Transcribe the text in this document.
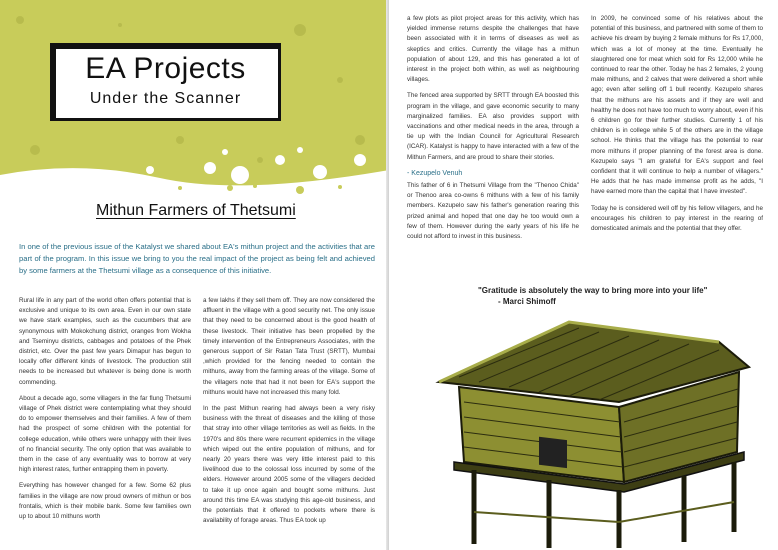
EA Projects
Under the Scanner
Mithun Farmers of Thetsumi
In one of the previous issue of the Katalyst we shared about EA's mithun project and the activities that are part of the program. In this issue we bring to you the real impact of the project as being felt and achieved by some farmers at the Thetsumi village as a consequence of this initiative.

Rural life in any part of the world often offers potential that is exclusive and unique to its own area. Even in our own state we have stark examples, such as the cucumbers that are synonymous with Mokokchung district, oranges from Wokha and Tseminyu districts, cabbages and potatoes of the Phek district, etc. Over the past few years Dimapur has begun to locally offer different kinds of livestock. The production still needs to be increased but whatever is being done is worth commending.

About a decade ago, some villagers in the far flung Thetsumi village of Phek district were contemplating what they should do to empower themselves and their families. A few of them had the prospect of some children with the potential for college education, while others were unhappy with their lives of no financial security. The only option that was available to them in the case of any eventuality was to borrow at very high interest rates, further entrapping them in poverty.

Everything has however changed for a few. Some 62 plus families in the village are now proud owners of mithun or bos frontalis, which is their mobile bank. Some few families own up to about 10 mithuns worth

a few lakhs if they sell them off. They are now considered the affluent in the village with a good security net. The only issue that they need to be concerned about is the good health of these livestock. Their initiative has been propelled by the timely intervention of the Entrepreneurs Associates, with the generous support of Sir Ratan Tata Trust (SRTT), Mumbai ,which provided for the fencing needed to contain the mithuns, away from the farming areas of the village. Some of the villagers note that had it not been for EA's support the mithuns would have not increased this many fold.

In the past Mithun rearing had always been a very risky business with the threat of diseases and the killing of those that stray into other village territories as well as fields. In the 1970's and 80s there were recurrent epidemics in the village which wiped out the entire population of mithuns, and for nearly 20 years there was very little interest paid to this livelihood due to the colossal loss incurred by some of the elders. However around 2005 some of the villagers decided to take it up once again and bought some mithuns. Just around this time EA was studying this age-old business, and the potentials that it offered to pockets where there is availability of forage areas. Thus EA took up

a few plots as pilot project areas for this activity, which has yielded immense returns despite the challenges that have been associated with it in terms of diseases as well as skeptics and critics. Currently the village has a mithun population of about 129, and this has generated a lot of interest in the project both within, as well as neighbouring villages.

The fenced area supported by SRTT through EA boosted this program in the village, and gave economic security to many marginalized families. EA also provides support with vaccinations and other medical needs in the area, through a tie up with the Indian Council for Agricultural Research (ICAR). Katalyst is happy to have interacted with a few of the Mithun Farmers, and are proud to share their stories.

- Kezupelo Venuh

This father of 6 in Thetsumi Village from the "Thenoo Chida" or Thenoo area co-owns 6 mithuns with a few of his family members. Kezupelo saw his father's generation rearing this prized animal and hoped that one day he too would own a few of them. However during the early years of his life he could not afford to invest in this business.

In 2009, he convinced some of his relatives about the potential of this business, and partnered with some of them to achieve his dream by buying 2 female mithuns for Rs 17,000, which was a lot of money at the time. Eventually he slaughtered one for meat which sold for Rs 12,000 while he continued to rear the other. Today he has 2 females, 2 young male mithuns, and 2 calves that were delivered a short while ago; even after selling off 1 bull recently. Kezupelo shares that the mithuns are his assets and if they are well and healthy he does not have too much to worry about, even if his 6 children go for their further studies. Currently 1 of his children is in college while 5 of the others are in the village school. He thinks that the village has the potential to rear more mithuns if proper planning of the forest area is done. Kezupelo says "I am grateful for EA's support and feel confident that it will continue to help a number of villagers." He adds that he has made immense profit as he adds, "I have earned more than the capital that I have invested".

Today he is considered well off by his fellow villagers, and he encourages his children to pay interest in the rearing of domesticated animals and the potential that they offer.

"Gratitude is absolutely the way to bring more into your life"
- Marci Shimoff
